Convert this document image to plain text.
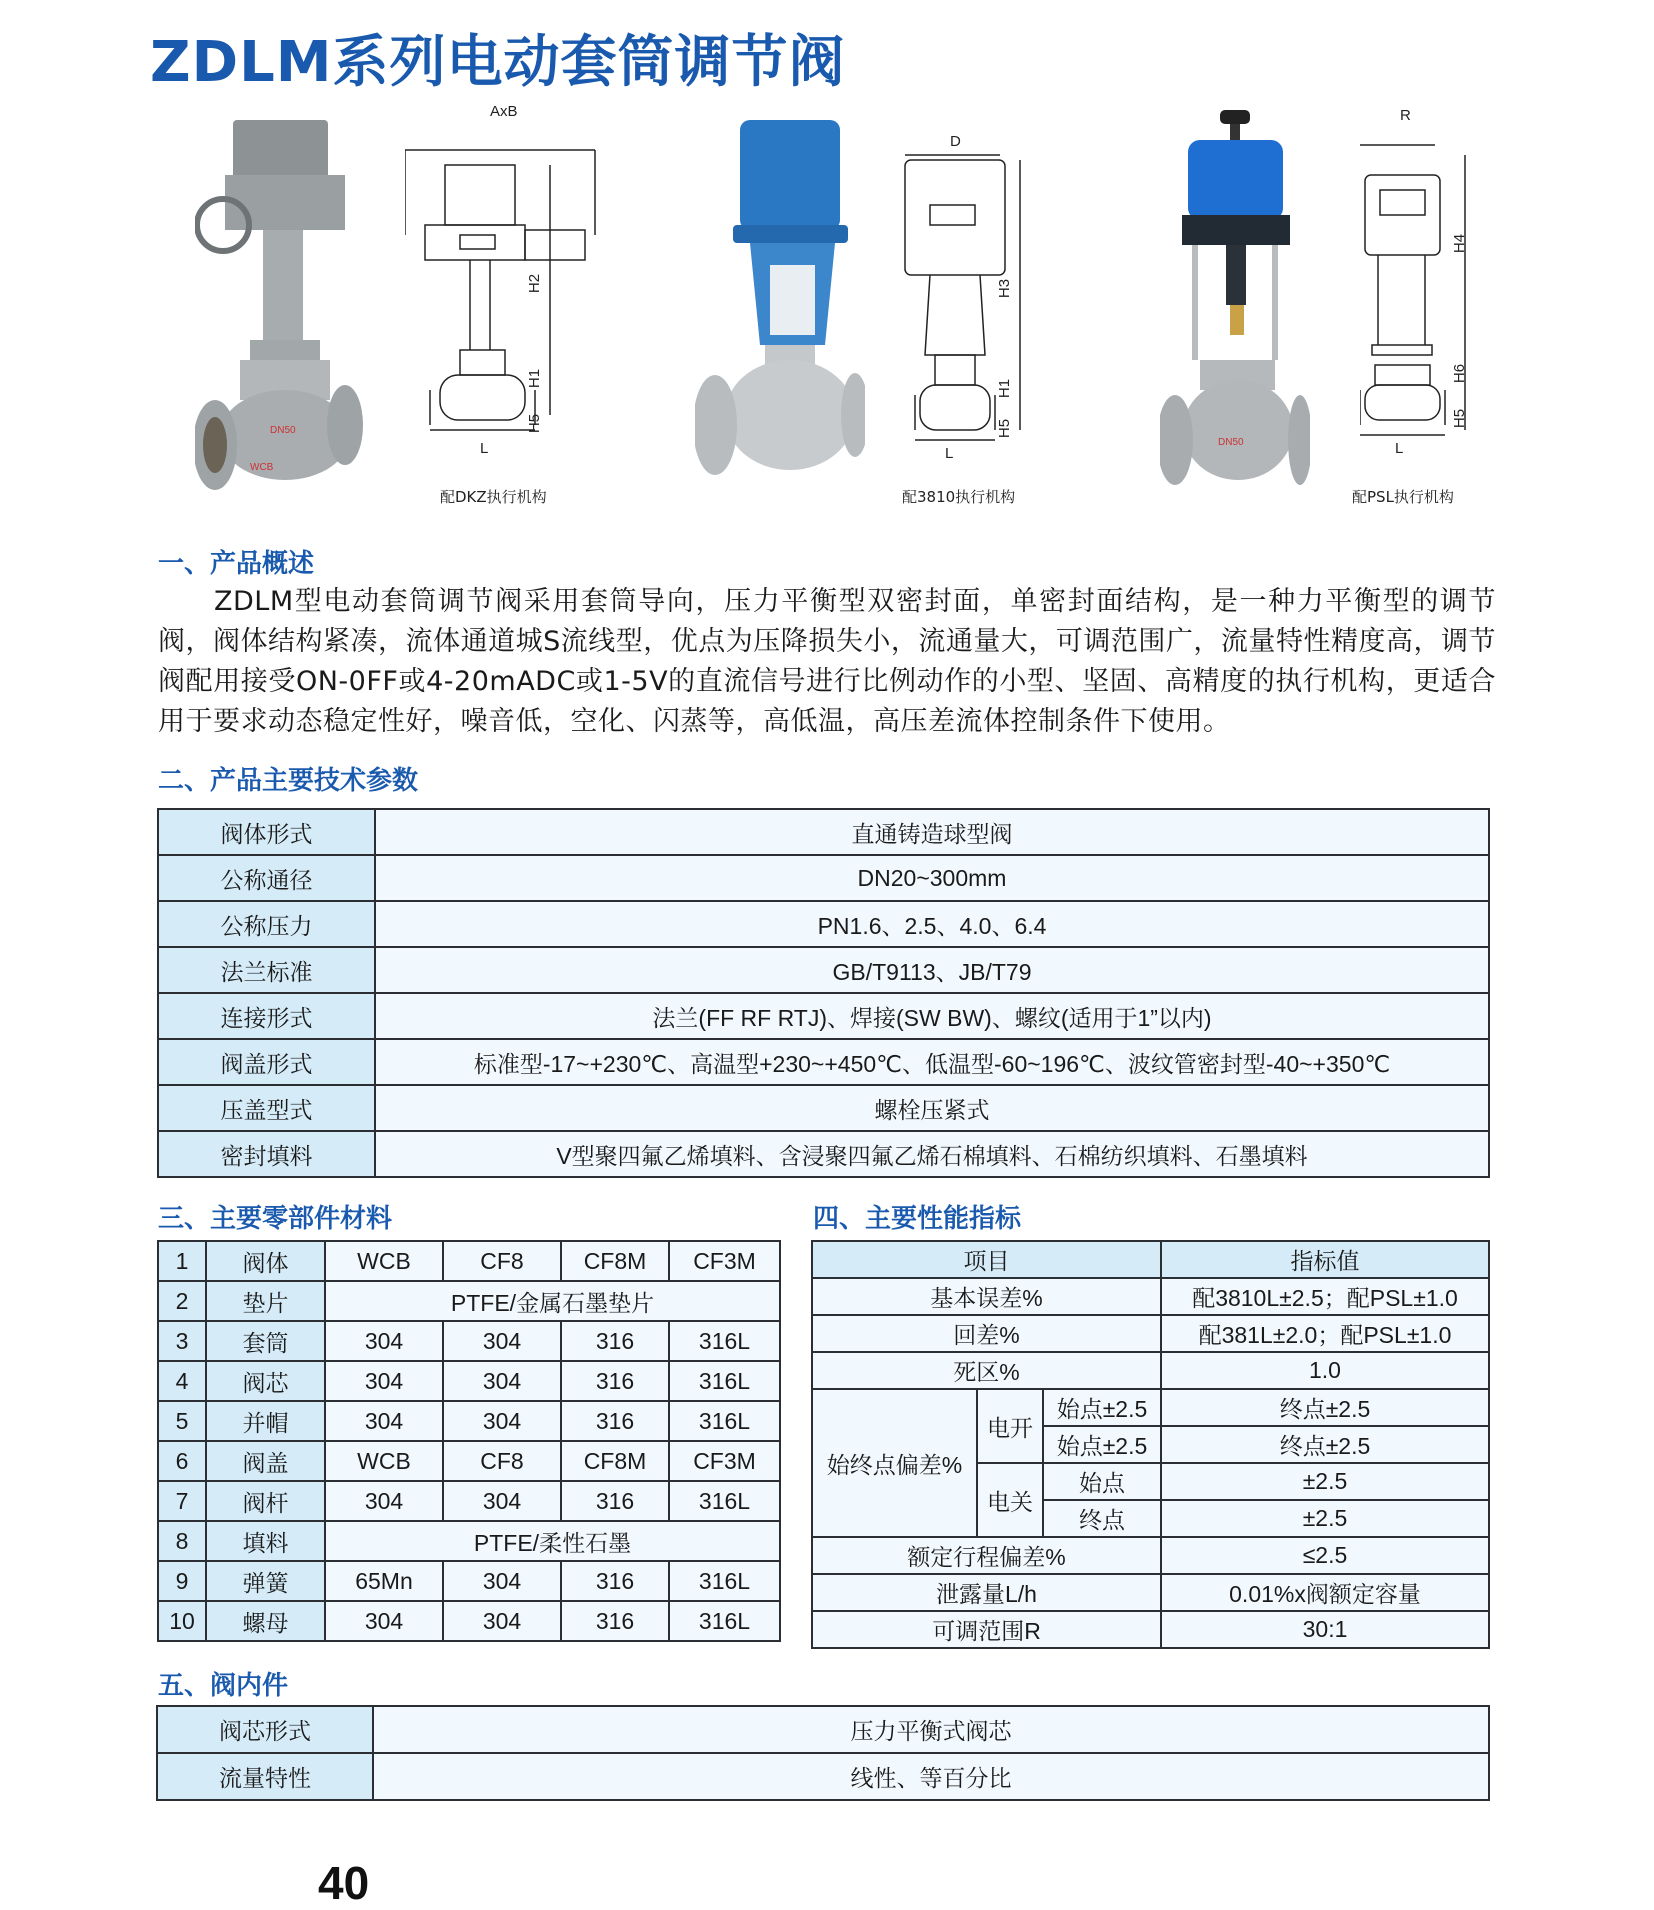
ZDLM系列电动套筒调节阀
DN50
WCB
AxB
H2
H1
H5
L
配DKZ执行机构
D
H3
H1
H5
L
配3810执行机构
DN50
R
H4
H6
H5
L
配PSL执行机构
一、产品概述
ZDLM型电动套筒调节阀采用套筒导向，压力平衡型双密封面，单密封面结构，是一种力平衡型的调节阀，阀体结构紧凑，流体通道城S流线型，优点为压降损失小，流通量大，可调范围广，流量特性精度高，调节阀配用接受ON-0FF或4-20mADC或1-5V的直流信号进行比例动作的小型、坚固、高精度的执行机构，更适合用于要求动态稳定性好，噪音低，空化、闪蒸等，高低温，高压差流体控制条件下使用。
二、产品主要技术参数
阀体形式	直通铸造球型阀
公称通径	DN20~300mm
公称压力	PN1.6、2.5、4.0、6.4
法兰标准	GB/T9113、JB/T79
连接形式	法兰(FF RF RTJ)、焊接(SW BW)、螺纹(适用于1”以内)
阀盖形式	标准型-17~+230℃、高温型+230~+450℃、低温型-60~196℃、波纹管密封型-40~+350℃
压盖型式	螺栓压紧式
密封填料	V型聚四氟乙烯填料、含浸聚四氟乙烯石棉填料、石棉纺织填料、石墨填料
三、主要零部件材料
1	阀体	WCB	CF8	CF8M	CF3M
2	垫片	PTFE/金属石墨垫片			
3	套筒	304	304	316	316L
4	阀芯	304	304	316	316L
5	并帽	304	304	316	316L
6	阀盖	WCB	CF8	CF8M	CF3M
7	阀杆	304	304	316	316L
8	填料	PTFE/柔性石墨			
9	弹簧	65Mn	304	316	316L
10	螺母	304	304	316	316L
四、主要性能指标
项目			指标值
基本误差%			配3810L±2.5；配PSL±1.0
回差%			配381L±2.0；配PSL±1.0
死区%			1.0
始终点偏差%	电开	始点±2.5	终点±2.5
		始点±2.5	终点±2.5
	电关	始点	±2.5
		终点	±2.5
额定行程偏差%			≤2.5
泄露量L/h			0.01%x阀额定容量
可调范围R			30:1
五、阀内件
阀芯形式	压力平衡式阀芯
流量特性	线性、等百分比
40
